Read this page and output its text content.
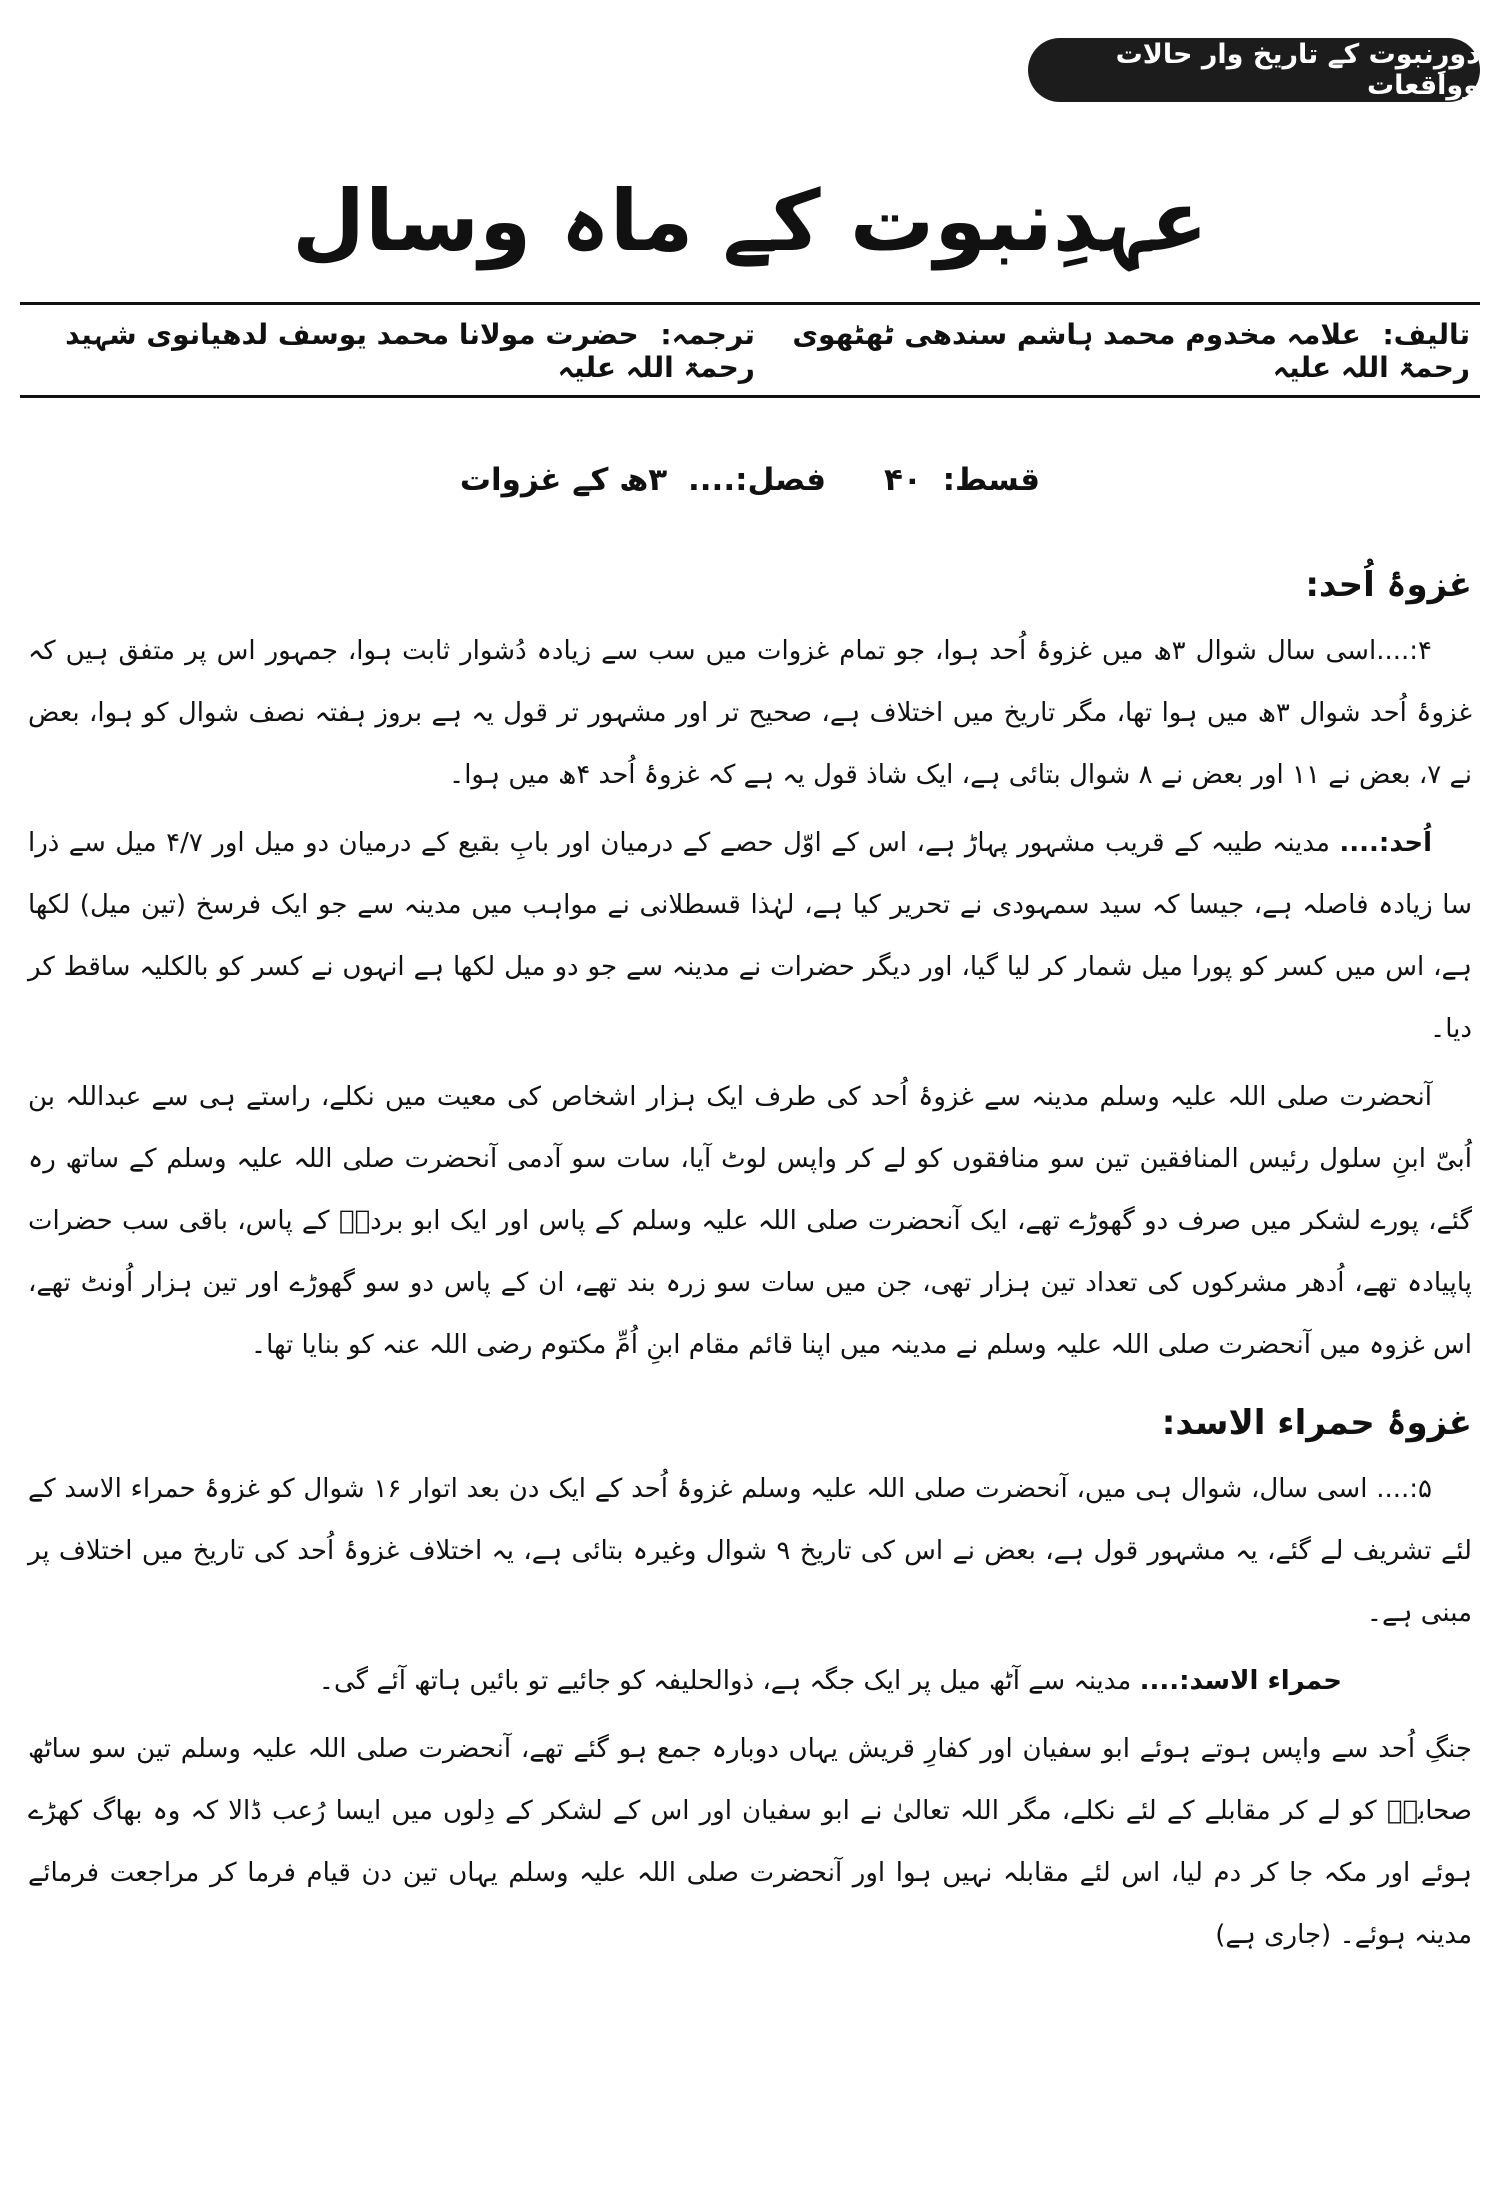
دورِنبوت کے تاریخ وار حالات وواقعات
عہدِنبوت کے ماہ وسال
تالیف: علامہ مخدوم محمد ہاشم سندھی ٹھٹھوی رحمۃ اللہ علیہ
ترجمہ: حضرت مولانا محمد یوسف لدھیانوی شہید رحمۃ اللہ علیہ
قسط: ۴۰
فصل:.... ۳ھ کے غزوات
غزوۂ اُحد:

۴:....اسی سال شوال ۳ھ میں غزوۂ اُحد ہوا، جو تمام غزوات میں سب سے زیادہ دُشوار ثابت ہوا، جمہور اس پر متفق ہیں کہ غزوۂ اُحد شوال ۳ھ میں ہوا تھا، مگر تاریخ میں اختلاف ہے، صحیح تر اور مشہور تر قول یہ ہے بروز ہفتہ نصف شوال کو ہوا، بعض نے ۷، بعض نے ۱۱ اور بعض نے ۸ شوال بتائی ہے، ایک شاذ قول یہ ہے کہ غزوۂ اُحد ۴ھ میں ہوا۔

اُحد:.... مدینہ طیبہ کے قریب مشہور پہاڑ ہے، اس کے اوّل حصے کے درمیان اور بابِ بقیع کے درمیان دو میل اور ۴/۷ میل سے ذرا سا زیادہ فاصلہ ہے، جیسا کہ سید سمہودی نے تحریر کیا ہے، لہٰذا قسطلانی نے مواہب میں مدینہ سے جو ایک فرسخ (تین میل) لکھا ہے، اس میں کسر کو پورا میل شمار کر لیا گیا، اور دیگر حضرات نے مدینہ سے جو دو میل لکھا ہے انہوں نے کسر کو بالکلیہ ساقط کر دیا۔

آنحضرت صلی اللہ علیہ وسلم مدینہ سے غزوۂ اُحد کی طرف ایک ہزار اشخاص کی معیت میں نکلے، راستے ہی سے عبداللہ بن اُبیّ ابنِ سلول رئیس المنافقین تین سو منافقوں کو لے کر واپس لوٹ آیا، سات سو آدمی آنحضرت صلی اللہ علیہ وسلم کے ساتھ رہ گئے، پورے لشکر میں صرف دو گھوڑے تھے، ایک آنحضرت صلی اللہ علیہ وسلم کے پاس اور ایک ابو بردہؓ کے پاس، باقی سب حضرات پاپیادہ تھے، اُدھر مشرکوں کی تعداد تین ہزار تھی، جن میں سات سو زرہ بند تھے، ان کے پاس دو سو گھوڑے اور تین ہزار اُونٹ تھے، اس غزوہ میں آنحضرت صلی اللہ علیہ وسلم نے مدینہ میں اپنا قائم مقام ابنِ اُمِّ مکتوم رضی اللہ عنہ کو بنایا تھا۔

غزوۂ حمراء الاسد:

۵:.... اسی سال، شوال ہی میں، آنحضرت صلی اللہ علیہ وسلم غزوۂ اُحد کے ایک دن بعد اتوار ۱۶ شوال کو غزوۂ حمراء الاسد کے لئے تشریف لے گئے، یہ مشہور قول ہے، بعض نے اس کی تاریخ ۹ شوال وغیرہ بتائی ہے، یہ اختلاف غزوۂ اُحد کی تاریخ میں اختلاف پر مبنی ہے۔

حمراء الاسد:.... مدینہ سے آٹھ میل پر ایک جگہ ہے، ذوالحلیفہ کو جائیے تو بائیں ہاتھ آئے گی۔

جنگِ اُحد سے واپس ہوتے ہوئے ابو سفیان اور کفارِ قریش یہاں دوبارہ جمع ہو گئے تھے، آنحضرت صلی اللہ علیہ وسلم تین سو ساٹھ صحابہؓ کو لے کر مقابلے کے لئے نکلے، مگر اللہ تعالیٰ نے ابو سفیان اور اس کے لشکر کے دِلوں میں ایسا رُعب ڈالا کہ وہ بھاگ کھڑے ہوئے اور مکہ جا کر دم لیا، اس لئے مقابلہ نہیں ہوا اور آنحضرت صلی اللہ علیہ وسلم یہاں تین دن قیام فرما کر مراجعت فرمائے مدینہ ہوئے۔ (جاری ہے)
